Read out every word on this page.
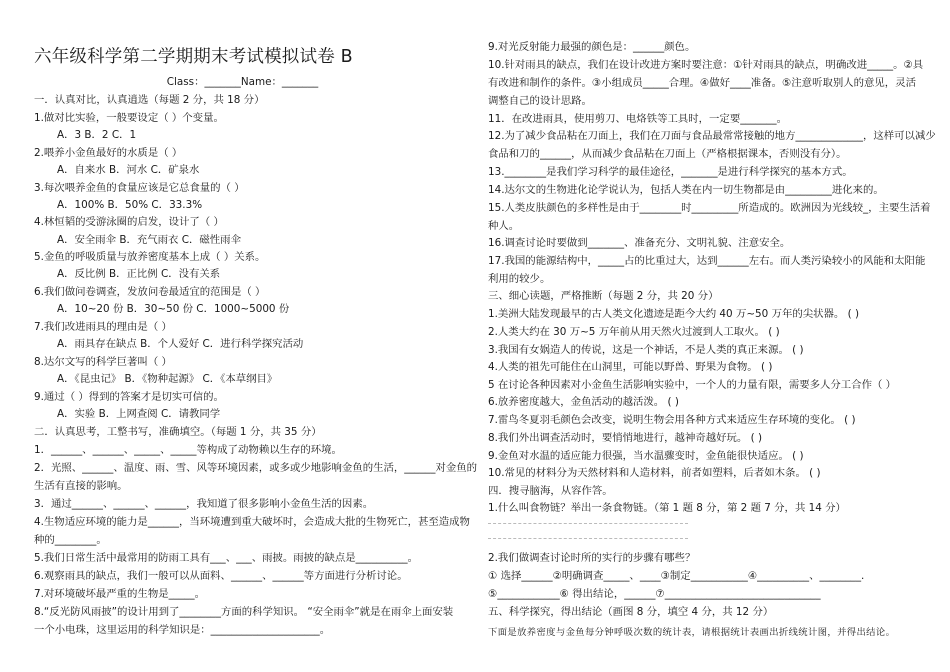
六年级科学第二学期期末考试模拟试卷 B
Class：_______Name：_______
一．认真对比，认真逍选（每题 2 分，共 18 分）
1.做对比实验，一般要设定（ ）个变量。
A．3 B．2 C．1
2.喂养小金鱼最好的水质是（ ）
A．自来水 B．河水 C．矿泉水
3.每次喂养金鱼的食量应该是它总食量的（ ）
A．100% B．50% C．33.3%
4.林恒韬的受游泳圈的启发，设计了（ ）
A．安全雨伞 B．充气雨衣 C．磁性雨伞
5.金鱼的呼吸质量与放养密度基本上成（ ）关系。
A．反比例 B．正比例 C．没有关系
6.我们做问卷调查，发放问卷最适宜的范围是（ ）
A．10~20 份 B．30~50 份 C．1000~5000 份
7.我们改进雨具的理由是（ ）
A．雨具存在缺点 B．个人爱好 C．进行科学探究活动
8.达尔文写的科学巨著叫（ ）
A．《昆虫记》 B．《物种起源》 C．《本草纲目》
9.通过（ ）得到的答案才是切实可信的。
A．实验 B．上网查阅 C．请教同学
二．认真思考，工整书写，准确填空。（每题 1 分，共 35 分）
1．______、______、_____、_____等构成了动物赖以生存的环境。
2．光照、______、温度、雨、雪、风等环境因素，或多或少地影响金鱼的生活，______对金鱼的
生活有直接的影响。
3．通过______、______、______，我知道了很多影响小金鱼生活的因素。
4.生物适应环境的能力是______，当环境遭到重大破坏时，会造成大批的生物死亡，甚至造成物
种的________。
5.我们日常生活中最常用的防雨工具有___、___、雨披。雨披的缺点是__________。
6.观察雨具的缺点，我们一般可以从面料、______、______等方面进行分析讨论。
7.对环境破坏最严重的生物是_____。
8.“反光防风雨披”的设计用到了________方面的科学知识。 “安全雨伞”就是在雨伞上面安装
一个小电珠，这里运用的科学知识是：_____________________。
9.对光反射能力最强的颜色是：______颜色。
10.针对雨具的缺点，我们在设计改进方案时要注意：①针对雨具的缺点，明确改进_____。②具
有改进和制作的条件。③小组成员_____合理。④做好____准备。⑤注意听取别人的意见，灵活
调整自己的设计思路。
11．在改进雨具，使用剪刀、电烙铁等工具时，一定要_______。
12.为了减少食品粘在刀面上，我们在刀面与食品最常常接触的地方_____________，这样可以减少
食品和刀的______，从而减少食品粘在刀面上（严格根据课本，否则没有分）。
13.________是我们学习科学的最佳途径，_______是进行科学探究的基本方式。
14.达尔文的生物进化论学说认为，包括人类在内一切生物都是由_________进化来的。
15.人类皮肤颜色的多样性是由于________时_________所造成的。欧洲因为光线较_，主要生活着
种人。
16.调查讨论时要做到_______、准备充分、文明礼貌、注意安全。
17.我国的能源结构中，_____占的比重过大，达到______左右。而人类污染较小的风能和太阳能
利用的较少。
三、细心读题，严格推断（每题 2 分，共 20 分）
1.美洲大陆发现最早的古人类文化遗迹是距今大约 40 万~50 万年的尖状器。 ( )
2.人类大约在 30 万~5 万年前从用天然火过渡到人工取火。 ( )
3.我国有女娲造人的传说，这是一个神话，不是人类的真正来源。 ( )
4.人类的祖先可能住在山洞里，可能以野兽、野果为食物。 ( )
5 在讨论各种因素对小金鱼生活影响实验中，一个人的力量有限，需要多人分工合作（ ）
6.放养密度越大，金鱼活动的越活泼。 ( )
7.雷鸟冬夏羽毛颜色会改变，说明生物会用各种方式来适应生存环境的变化。 ( )
8.我们外出调查活动时，要悄悄地进行，越神奇越好玩。 ( )
9.金鱼对水温的适应能力很强，当水温骤变时，金鱼能很快适应。 ( )
10.常见的材料分为天然材料和人造材料，前者如塑料，后者如木条。 ( )
四．搜寻脑海，从容作答。
1.什么叫食物链？举出一条食物链。（第 1 题 8 分，第 2 题 7 分，共 14 分）
2.我们做调查讨论时所的实行的步骤有哪些？
① 选择______②明确调查_____、____③制定___________④__________、________.
⑤____________⑥ 得出结论，______⑦______________________________
五、科学探究，得出结论（画图 8 分，填空 4 分，共 12 分）
下面是放养密度与金鱼每分钟呼吸次数的统计表，请根据统计表画出折线统计图，并得出结论。
